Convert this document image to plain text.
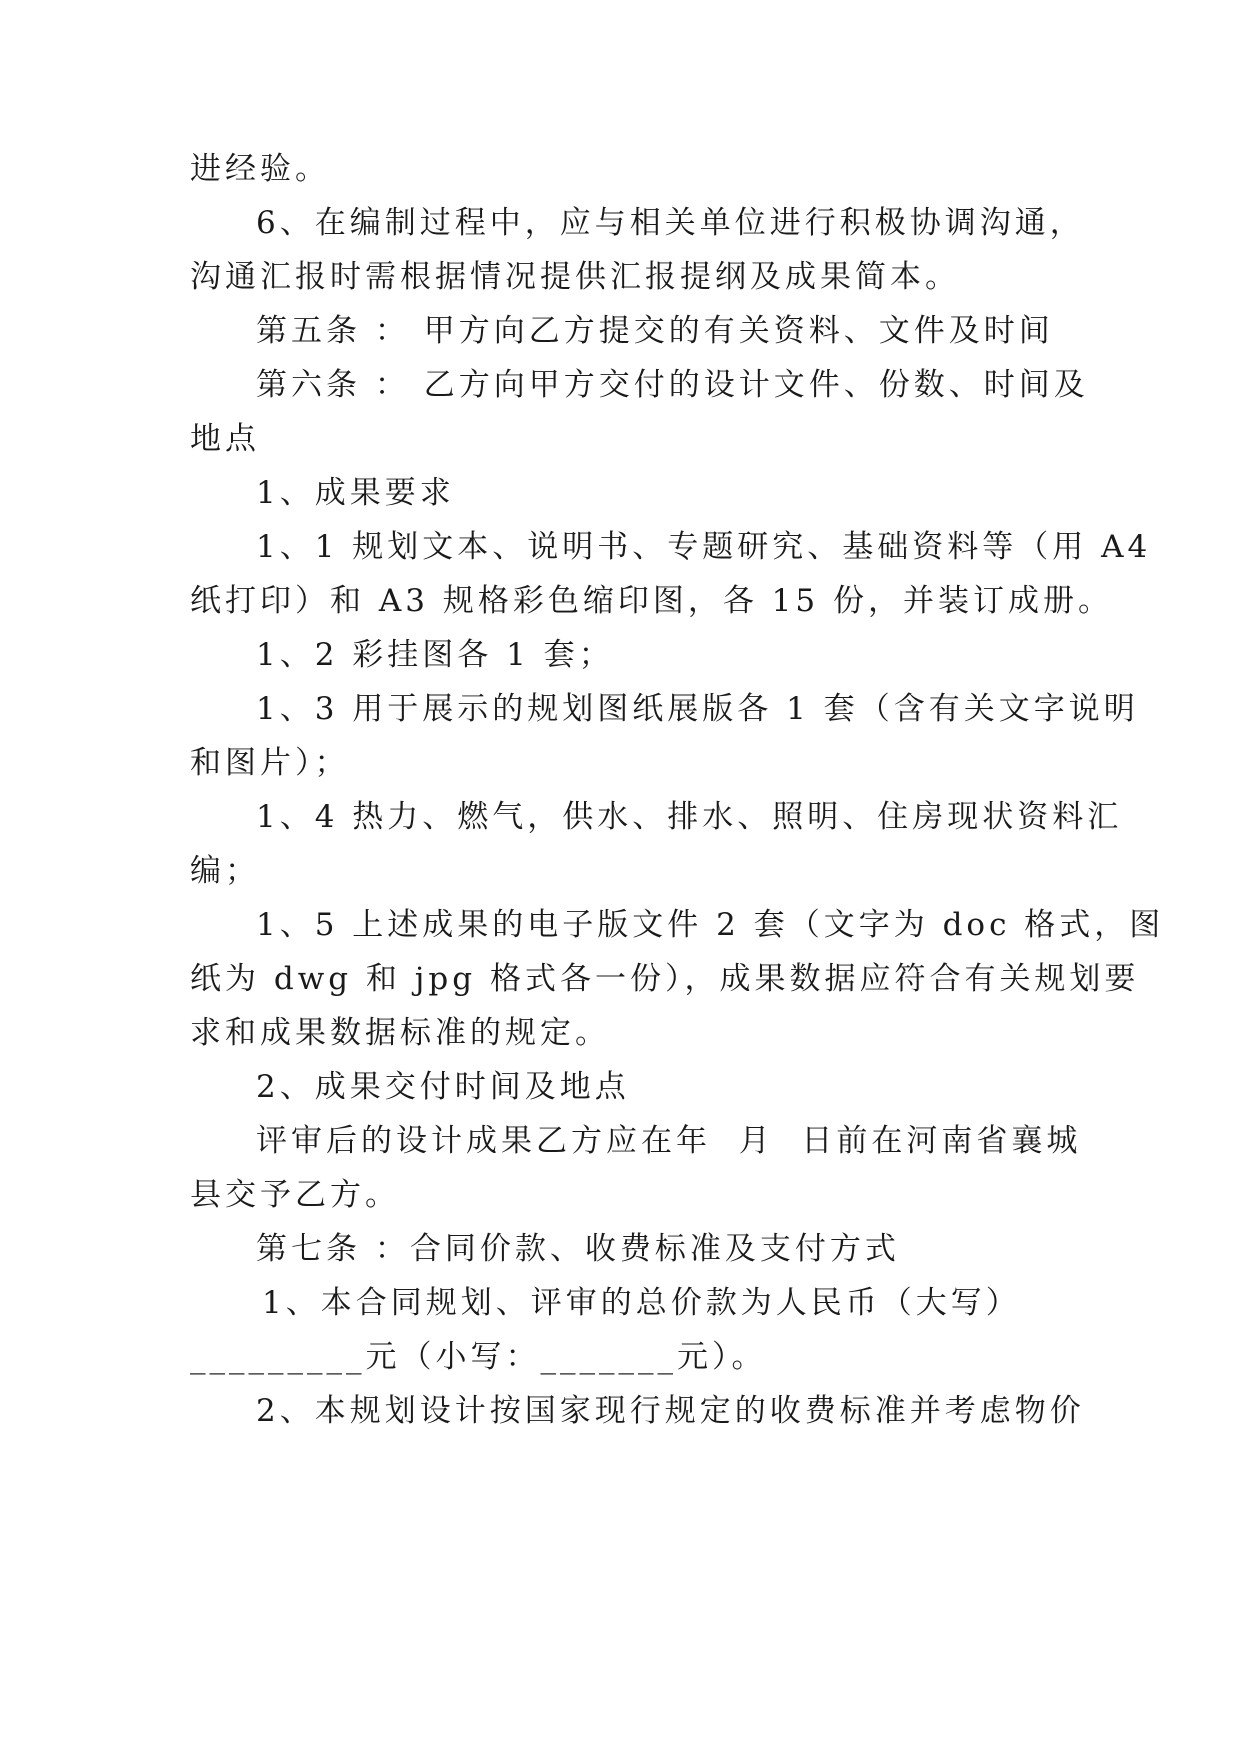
进经验。
6、在编制过程中，应与相关单位进行积极协调沟通，
沟通汇报时需根据情况提供汇报提纲及成果简本。
第五条 ： 甲方向乙方提交的有关资料、文件及时间
第六条 ： 乙方向甲方交付的设计文件、份数、时间及
地点
1、成果要求
1、1 规划文本、说明书、专题研究、基础资料等（用 A4
纸打印）和 A3 规格彩色缩印图，各 15 份，并装订成册。
1、2 彩挂图各 1 套；
1、3 用于展示的规划图纸展版各 1 套（含有关文字说明
和图片）；
1、4 热力、燃气，供水、排水、照明、住房现状资料汇
编；
1、5 上述成果的电子版文件 2 套（文字为 doc 格式，图
纸为 dwg 和 jpg 格式各一份），成果数据应符合有关规划要
求和成果数据标准的规定。
2、成果交付时间及地点
评审后的设计成果乙方应在年  月  日前在河南省襄城
县交予乙方。
第七条 ：合同价款、收费标准及支付方式
1、本合同规划、评审的总价款为人民币（大写）
_________元（小写：_______元）。
2、本规划设计按国家现行规定的收费标准并考虑物价
